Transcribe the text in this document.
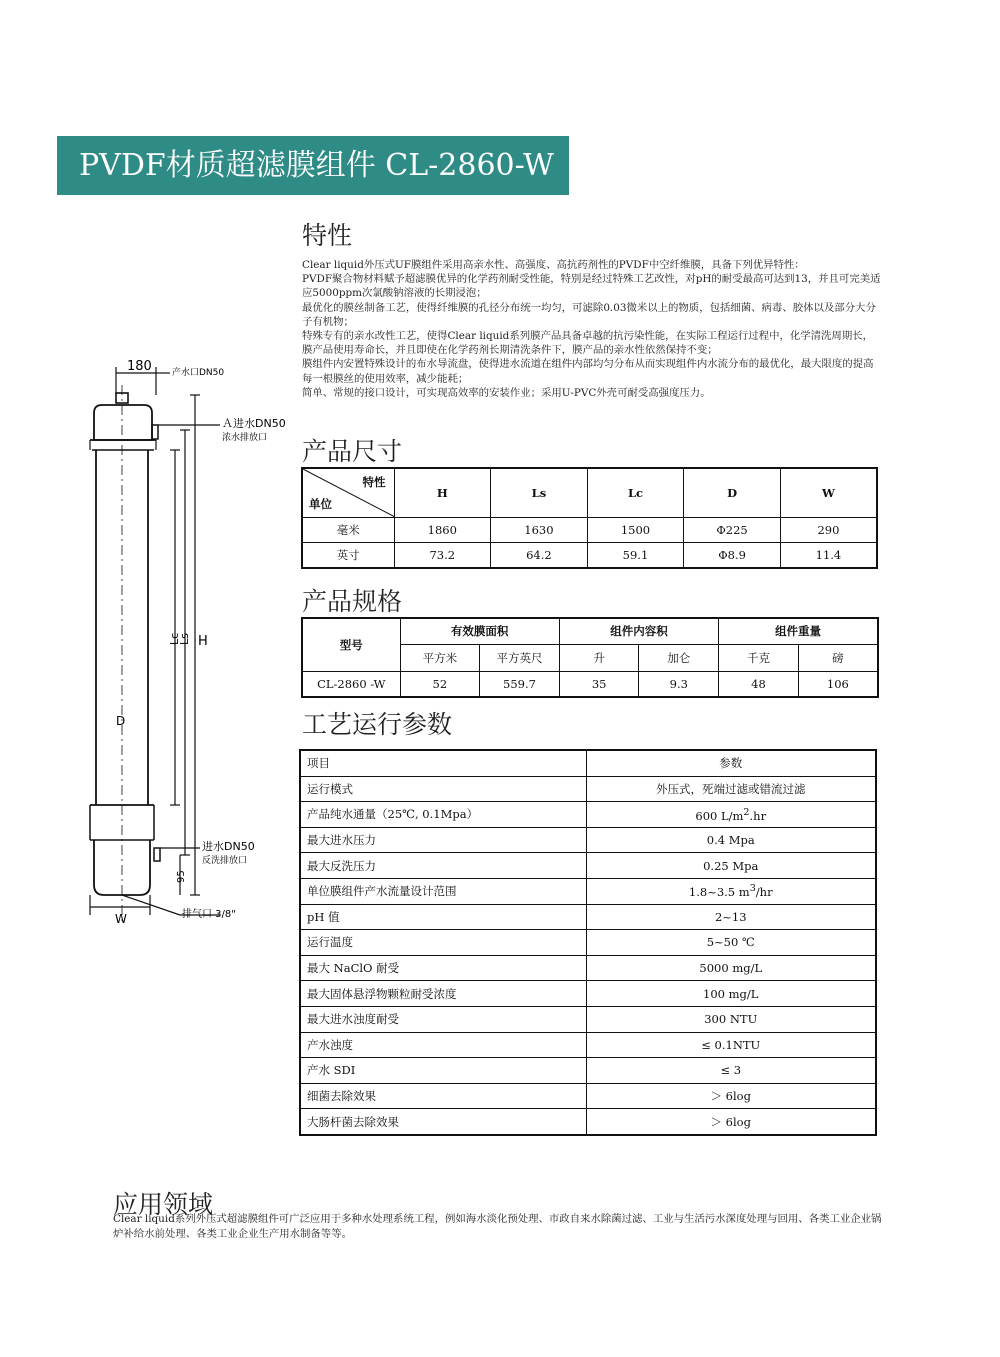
PVDF材质超滤膜组件 CL-2860-W
特性

Clear liquid外压式UF膜组件采用高亲水性、高强度、高抗药剂性的PVDF中空纤维膜，具备下列优异特性：

PVDF聚合物材料赋予超滤膜优异的化学药剂耐受性能，特别是经过特殊工艺改性，对pH的耐受最高可达到13，并且可完美适应5000ppm次氯酸钠溶液的长期浸泡；

最优化的膜丝制备工艺，使得纤维膜的孔径分布统一均匀，可滤除0.03微米以上的物质，包括细菌、病毒、胶体以及部分大分子有机物；

特殊专有的亲水改性工艺，使得Clear liquid系列膜产品具备卓越的抗污染性能，在实际工程运行过程中，化学清洗周期长，膜产品使用寿命长，并且即使在化学药剂长期清洗条件下，膜产品的亲水性依然保持不变；

膜组件内安置特殊设计的布水导流盘，使得进水流道在组件内部均匀分布从而实现组件内水流分布的最优化，最大限度的提高每一根膜丝的使用效率，减少能耗；

简单、常规的接口设计，可实现高效率的安装作业；采用U-PVC外壳可耐受高强度压力。

180 产水口DN50
Ａ进水DN50
浓水排放口
进水DN50
反洗排放口
排气口 3/8"
H
Ls
Lc
D
W
95
产品尺寸
特性
单位	H	Ls	Lc	D	W
毫米	1860	1630	1500	Φ225	290
英寸	73.2	64.2	59.1	Φ8.9	11.4
产品规格
型号	有效膜面积		组件内容积		组件重量	
	平方米	平方英尺	升	加仑	千克	磅
CL-2860 -W	52	559.7	35	9.3	48	106
工艺运行参数
项目	参数
运行模式	外压式，死端过滤或错流过滤
产品纯水通量（25℃, 0.1Mpa）	600 $L/m^2.hr$
最大进水压力	0.4 Mpa
最大反洗压力	0.25 Mpa
单位膜组件产水流量设计范围	1.8~3.5 $m^3/hr$
pH 值	2~13
运行温度	5~50 ℃
最大 NaClO 耐受	5000 mg/L
最大固体悬浮物颗粒耐受浓度	100 mg/L
最大进水浊度耐受	300 NTU
产水浊度	≤ 0.1NTU
产水 SDI	≤ 3
细菌去除效果	＞ 6log
大肠杆菌去除效果	＞ 6log
应用领域
Clear liquid系列外压式超滤膜组件可广泛应用于多种水处理系统工程，例如海水淡化预处理、市政自来水除菌过滤、工业与生活污水深度处理与回用、各类工业企业锅炉补给水前处理、各类工业企业生产用水制备等等。
